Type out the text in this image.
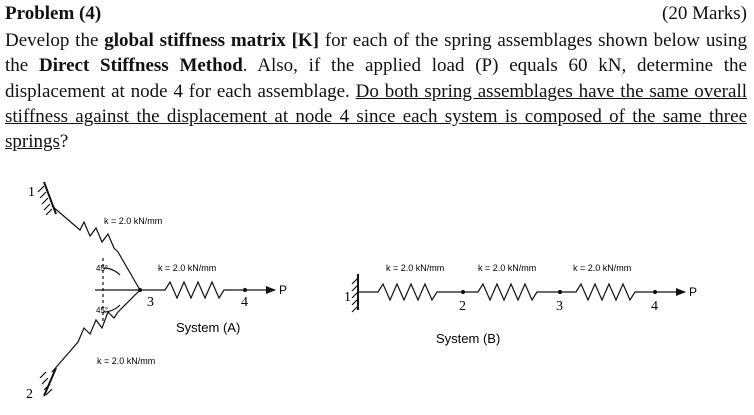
Problem (4)	(20 Marks)
Develop the global stiffness matrix [K] for each of the spring assemblages shown below using the Direct Stiffness Method. Also, if the applied load (P) equals 60 kN, determine the displacement at node 4 for each assemblage. Do both spring assemblages have the same overall stiffness against the displacement at node 4 since each system is composed of the same three springs?
1
2
3	4
k = 2.0 kN/mm
k = 2.0 kN/mm
k = 2.0 kN/mm
45°
45°
P
System (A)
1
2	3	4
k = 2.0 kN/mm	k = 2.0 kN/mm	k = 2.0 kN/mm
P
System (B)
